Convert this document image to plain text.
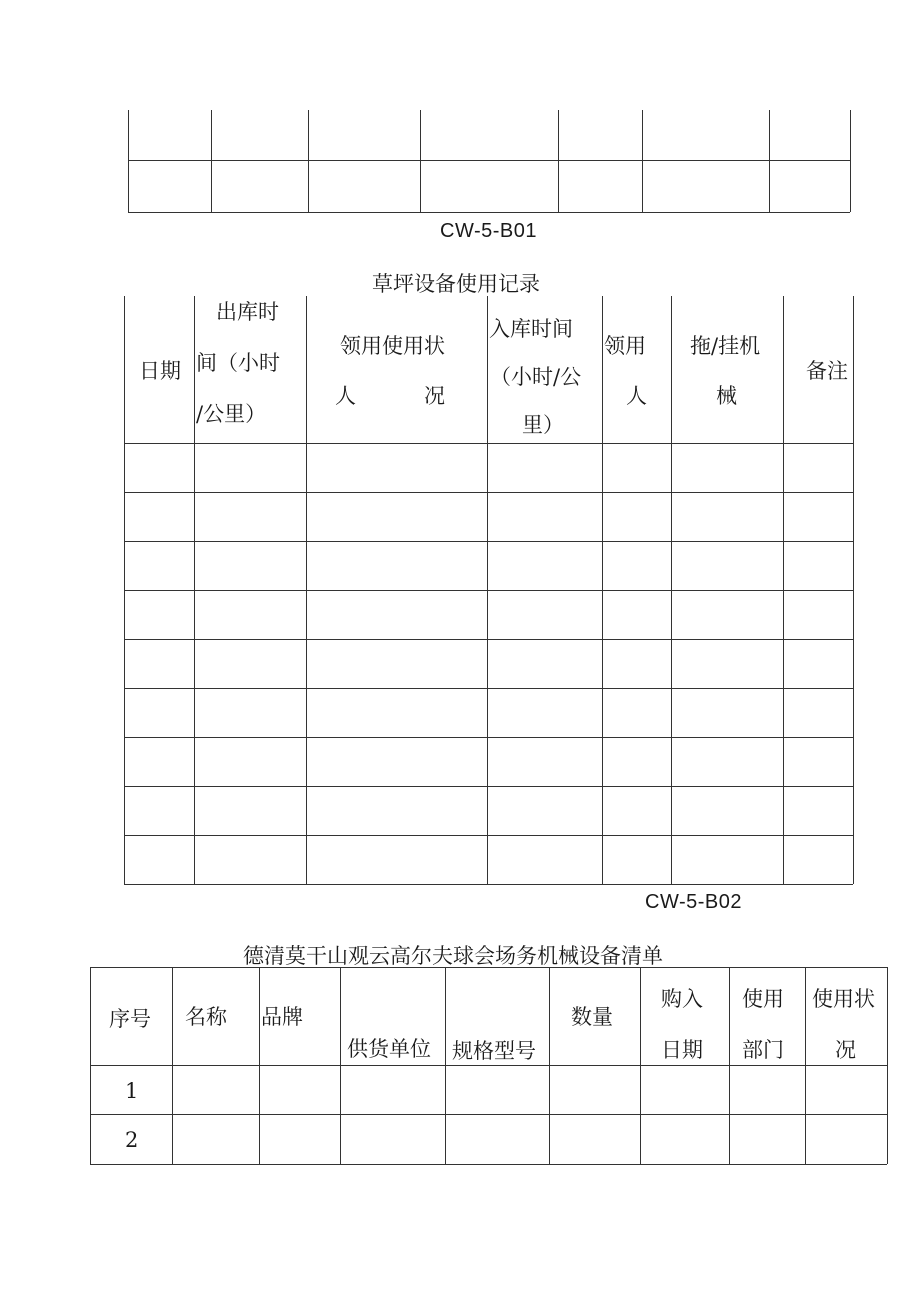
CW-5-B01
草坪设备使用记录
日期
出库时
间（小时
/公里）
领用使用状
人	况
入库时间
（小时/公
里）
领用
人
拖/挂机
械
备注
CW-5-B02
德清莫干山观云高尔夫球会场务机械设备清单
序号 名称 品牌
供货单位 规格型号
数量
购入
日期
使用
部门
使用状
况
1
2
